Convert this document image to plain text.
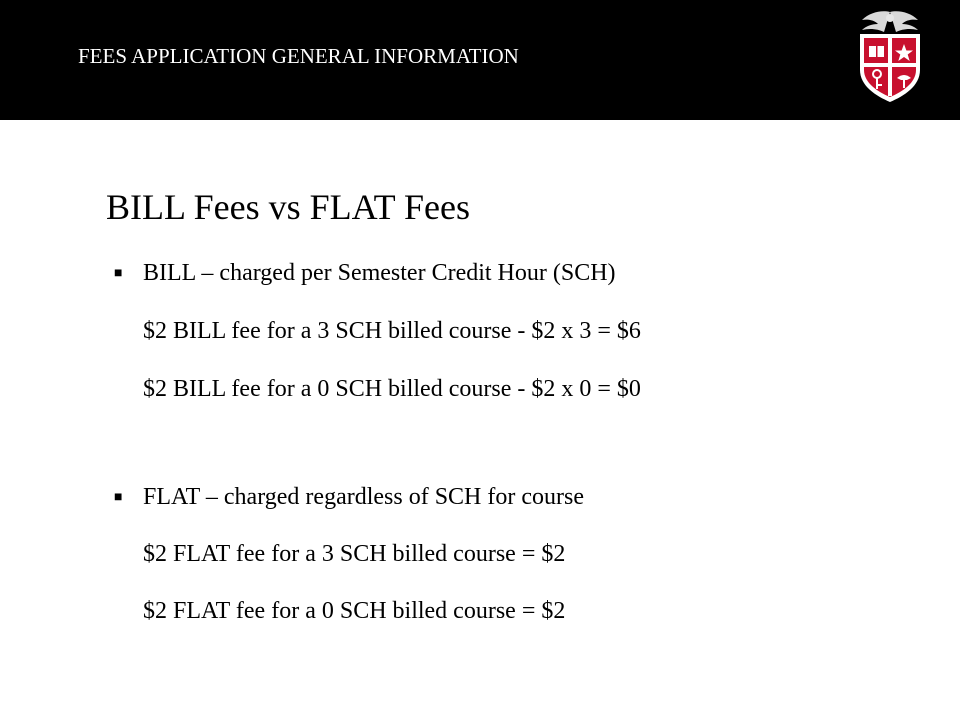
FEES APPLICATION GENERAL INFORMATION
BILL Fees vs FLAT Fees
■ BILL – charged per Semester Credit Hour (SCH)
$2 BILL fee for a 3 SCH billed course - $2 x 3 = $6
$2 BILL fee for a 0 SCH billed course - $2 x 0 = $0
■ FLAT – charged regardless of SCH for course
$2 FLAT fee for a 3 SCH billed course = $2
$2 FLAT fee for a 0 SCH billed course = $2
